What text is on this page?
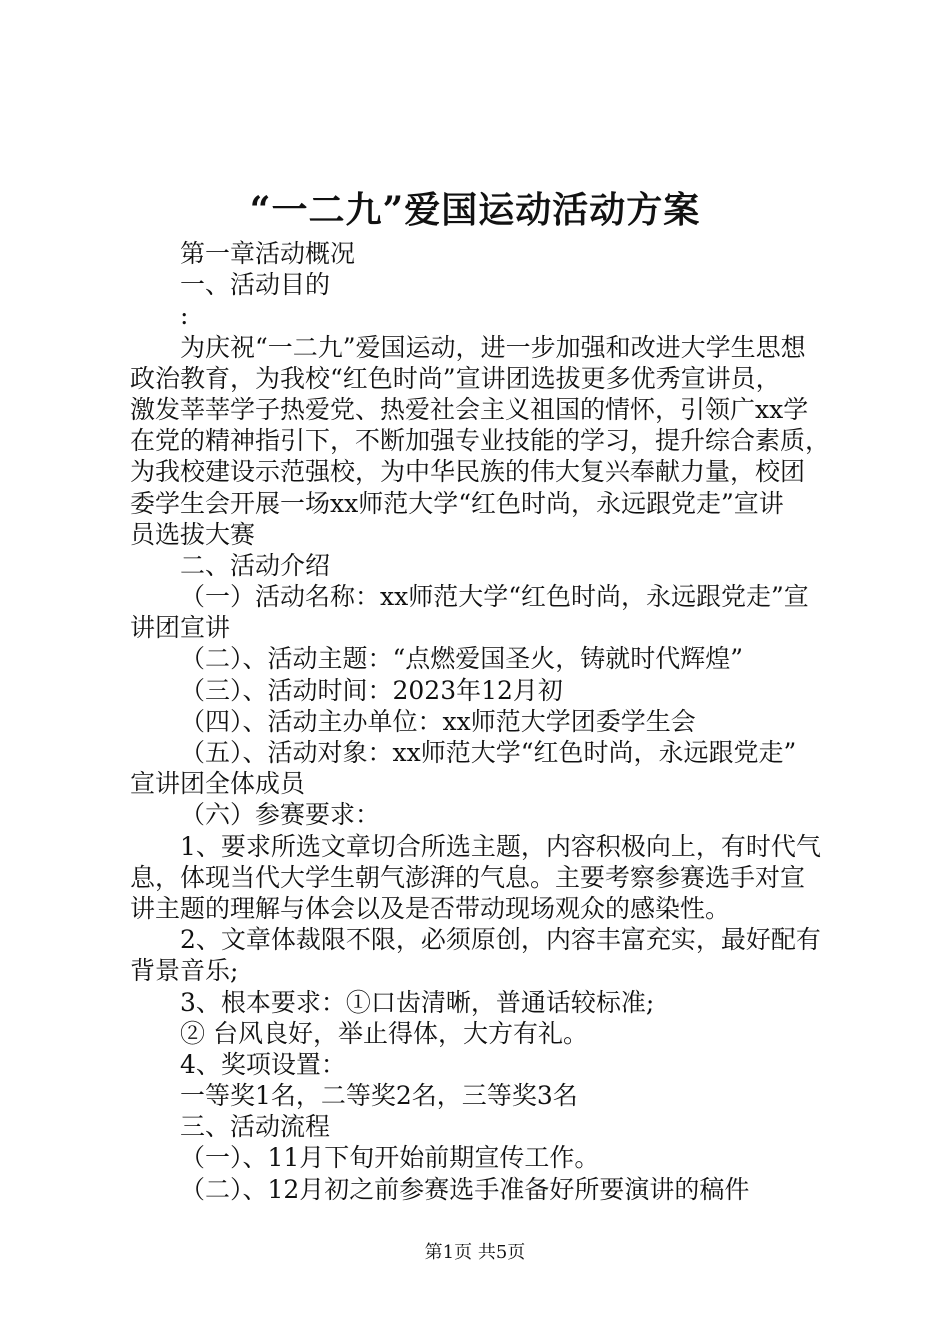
“一二九”爱国运动活动方案
第一章活动概况
一、活动目的
:
为庆祝“一二九”爱国运动，进一步加强和改进大学生思想
政治教育，为我校“红色时尚”宣讲团选拔更多优秀宣讲员，
激发莘莘学子热爱党、热爱社会主义祖国的情怀，引领广xx学
在党的精神指引下，不断加强专业技能的学习，提升综合素质，
为我校建设示范强校，为中华民族的伟大复兴奉献力量，校团
委学生会开展一场xx师范大学“红色时尚，永远跟党走”宣讲
员选拔大赛
二、活动介绍
（一）活动名称：xx师范大学“红色时尚，永远跟党走”宣
讲团宣讲
（二）、活动主题：“点燃爱国圣火，铸就时代辉煌”
（三）、活动时间：2023年12月初
（四）、活动主办单位：xx师范大学团委学生会
（五）、活动对象：xx师范大学“红色时尚，永远跟党走”
宣讲团全体成员
（六）参赛要求：
1、要求所选文章切合所选主题，内容积极向上，有时代气
息，体现当代大学生朝气澎湃的气息。主要考察参赛选手对宣
讲主题的理解与体会以及是否带动现场观众的感染性。
2、文章体裁限不限，必须原创，内容丰富充实，最好配有
背景音乐;
3、根本要求：①口齿清晰，普通话较标准;
② 台风良好，举止得体，大方有礼。
4、奖项设置：
一等奖1名，二等奖2名，三等奖3名
三、活动流程
（一）、11月下旬开始前期宣传工作。
（二）、12月初之前参赛选手准备好所要演讲的稿件
第1页 共5页
